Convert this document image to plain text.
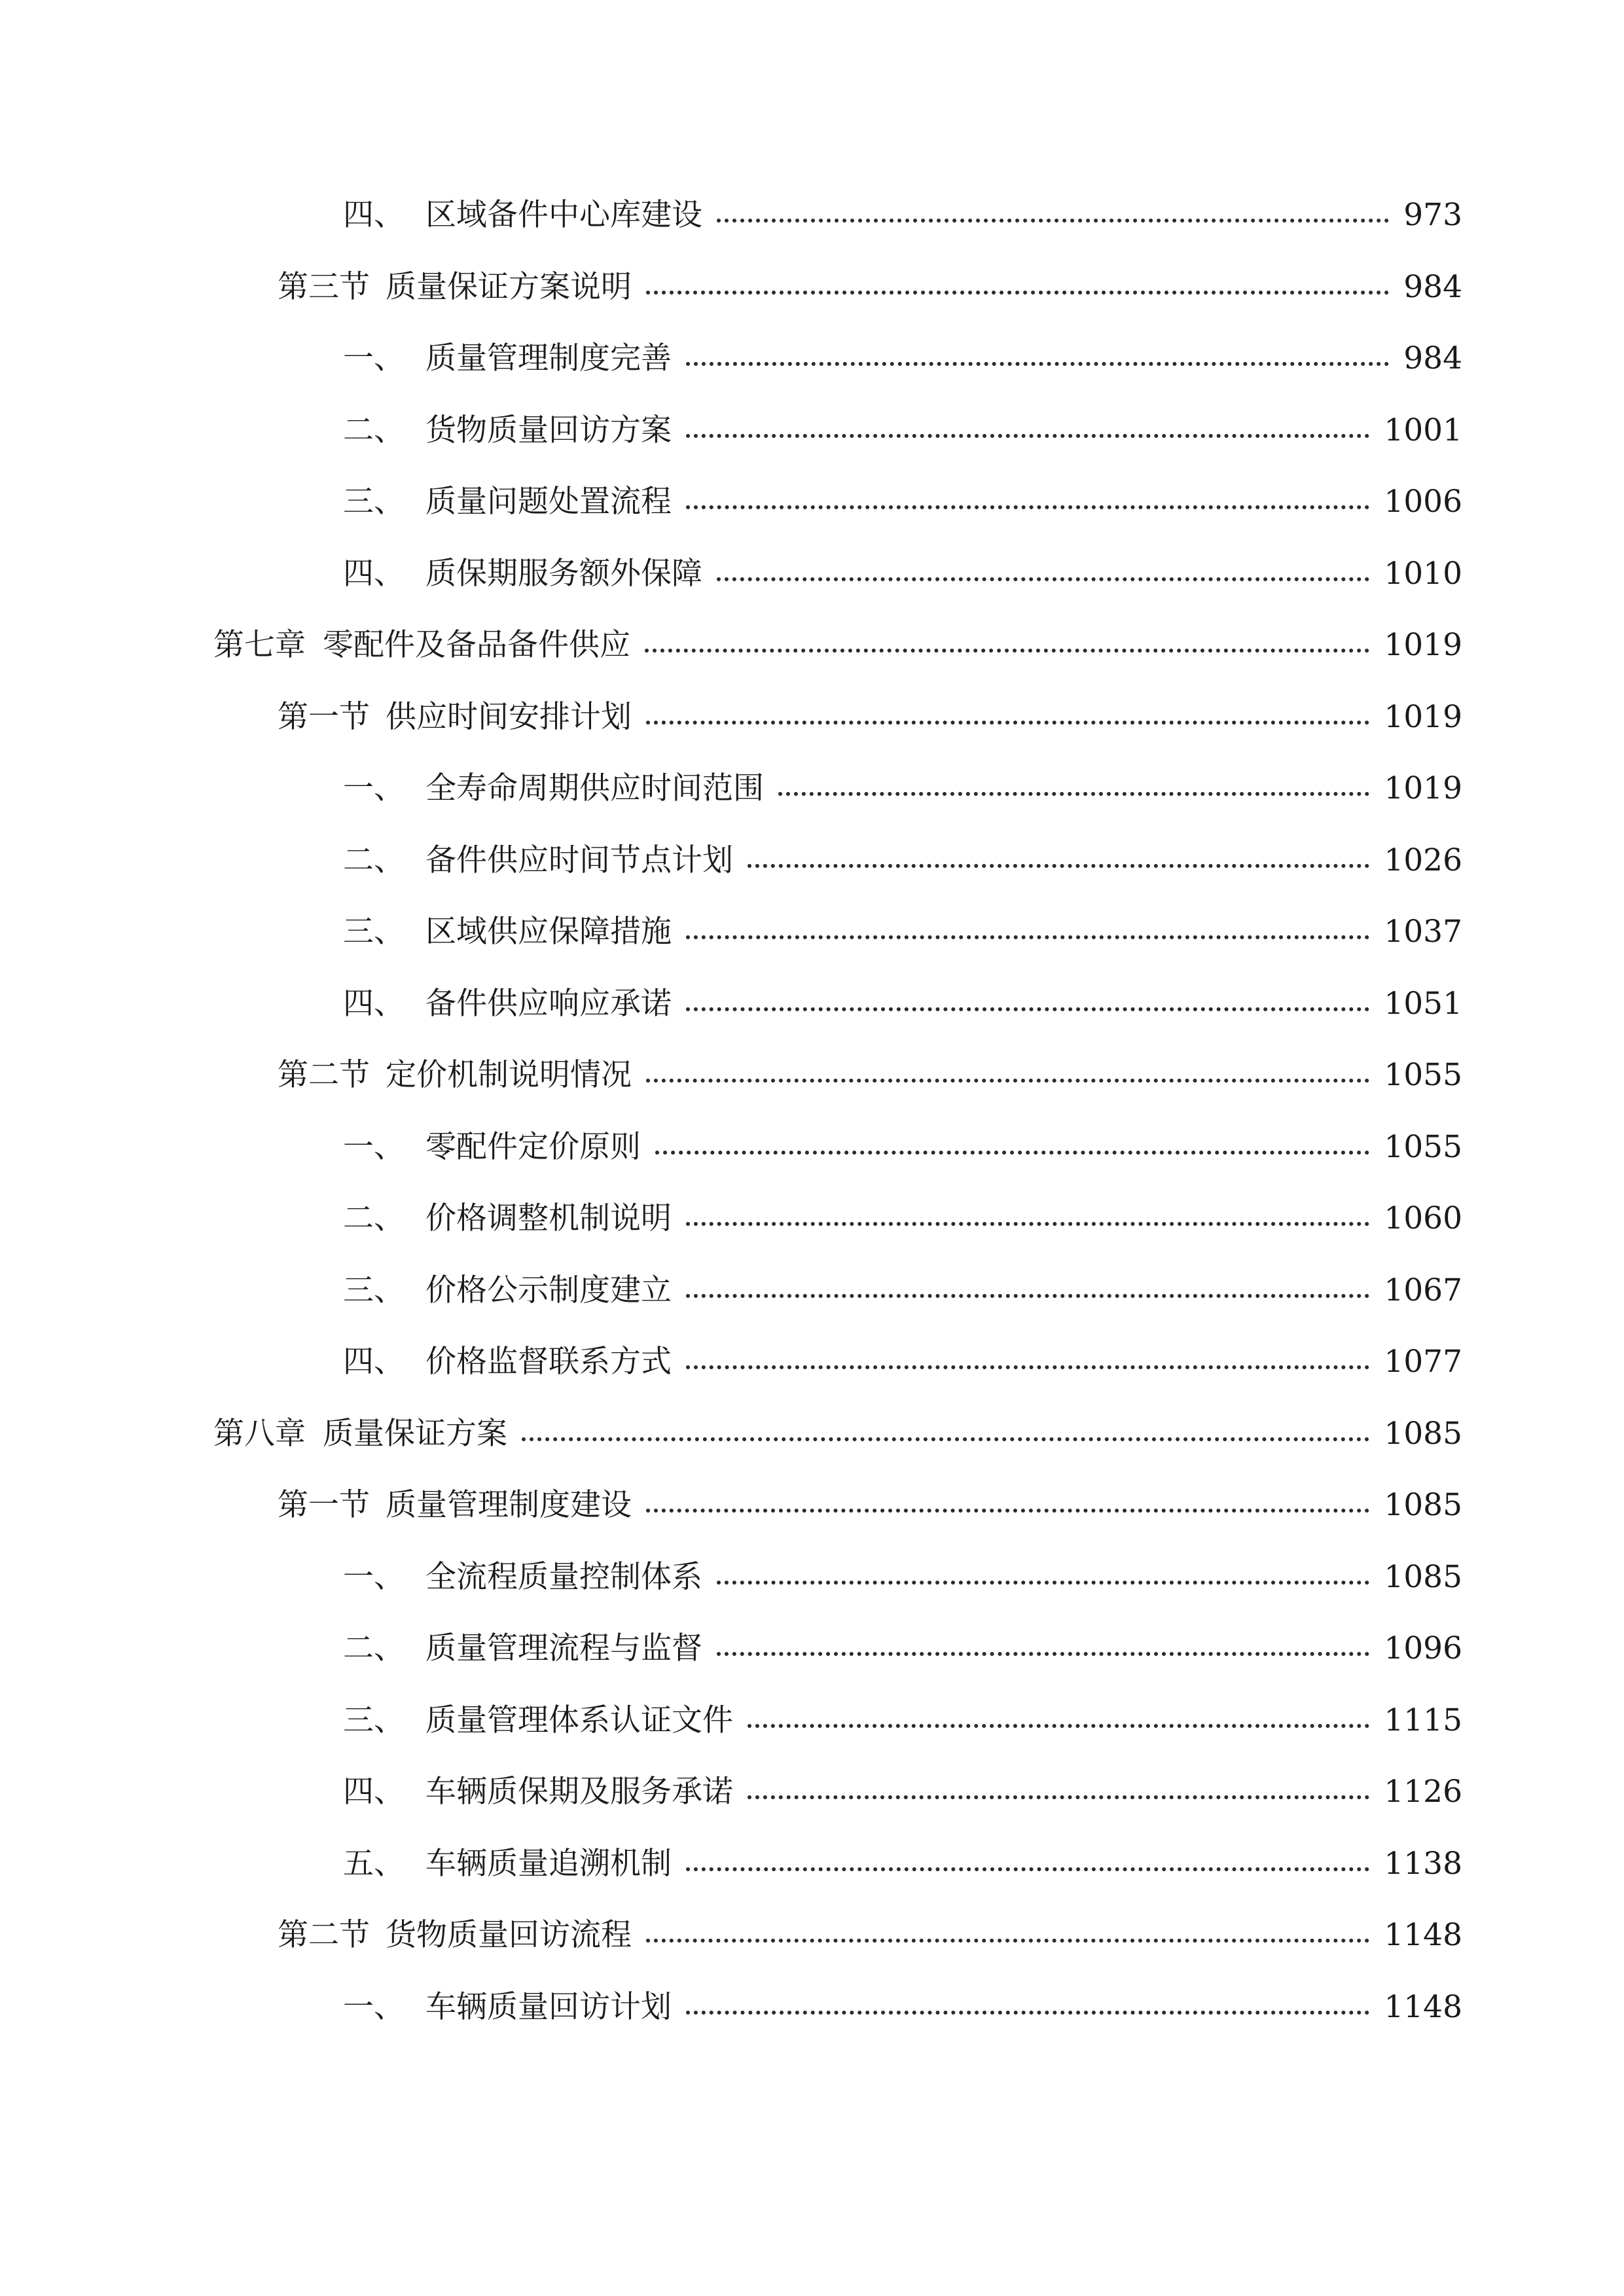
四、 区域备件中心库建设	973
第三节 质量保证方案说明	984
一、 质量管理制度完善	984
二、 货物质量回访方案	1001
三、 质量问题处置流程	1006
四、 质保期服务额外保障	1010
第七章 零配件及备品备件供应	1019
第一节 供应时间安排计划	1019
一、 全寿命周期供应时间范围	1019
二、 备件供应时间节点计划	1026
三、 区域供应保障措施	1037
四、 备件供应响应承诺	1051
第二节 定价机制说明情况	1055
一、 零配件定价原则	1055
二、 价格调整机制说明	1060
三、 价格公示制度建立	1067
四、 价格监督联系方式	1077
第八章 质量保证方案	1085
第一节 质量管理制度建设	1085
一、 全流程质量控制体系	1085
二、 质量管理流程与监督	1096
三、 质量管理体系认证文件	1115
四、 车辆质保期及服务承诺	1126
五、 车辆质量追溯机制	1138
第二节 货物质量回访流程	1148
一、 车辆质量回访计划	1148
